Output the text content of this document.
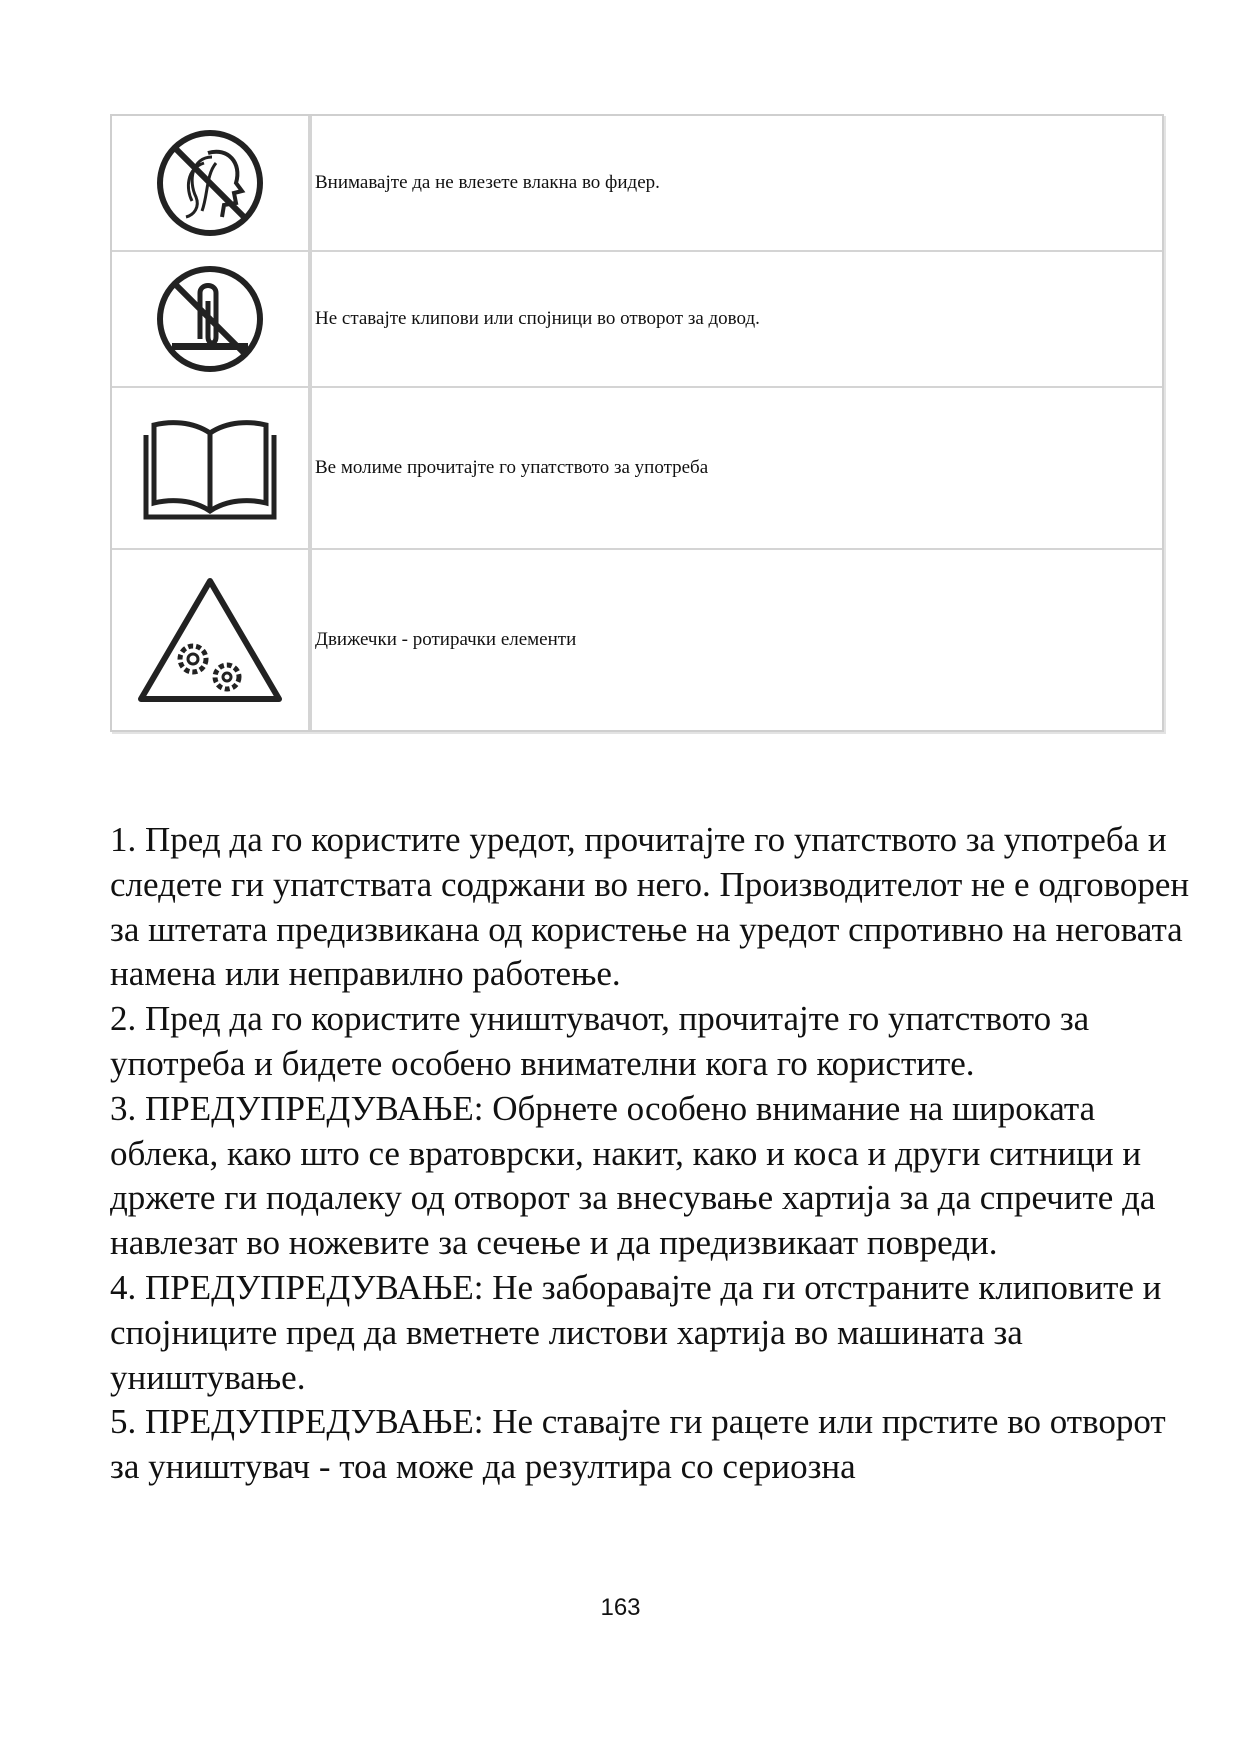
Внимавајте да не влезете влакна во фидер.
Не ставајте клипови или спојници во отворот за довод.
Ве молиме прочитајте го упатството за употреба
Движечки - ротирачки елементи

1. Пред да го користите уредот, прочитајте го упатството за употреба и следете ги упатствата содржани во него. Производителот не е одговорен за штетата предизвикана од користење на уредот спротивно на неговата намена или неправилно работење.

2. Пред да го користите уништувачот, прочитајте го упатството за употреба и бидете особено внимателни кога го користите.

3. ПРЕДУПРЕДУВАЊЕ: Обрнете особено внимание на широката облека, како што се вратоврски, накит, како и коса и други ситници и држете ги подалеку од отворот за внесување хартија за да спречите да навлезат во ножевите за сечење и да предизвикаат повреди.

4. ПРЕДУПРЕДУВАЊЕ: Не заборавајте да ги отстраните клиповите и спојниците пред да вметнете листови хартија во машината за уништување.

5. ПРЕДУПРЕДУВАЊЕ: Не ставајте ги рацете или прстите во отворот за уништувач - тоа може да резултира со сериозна

163
